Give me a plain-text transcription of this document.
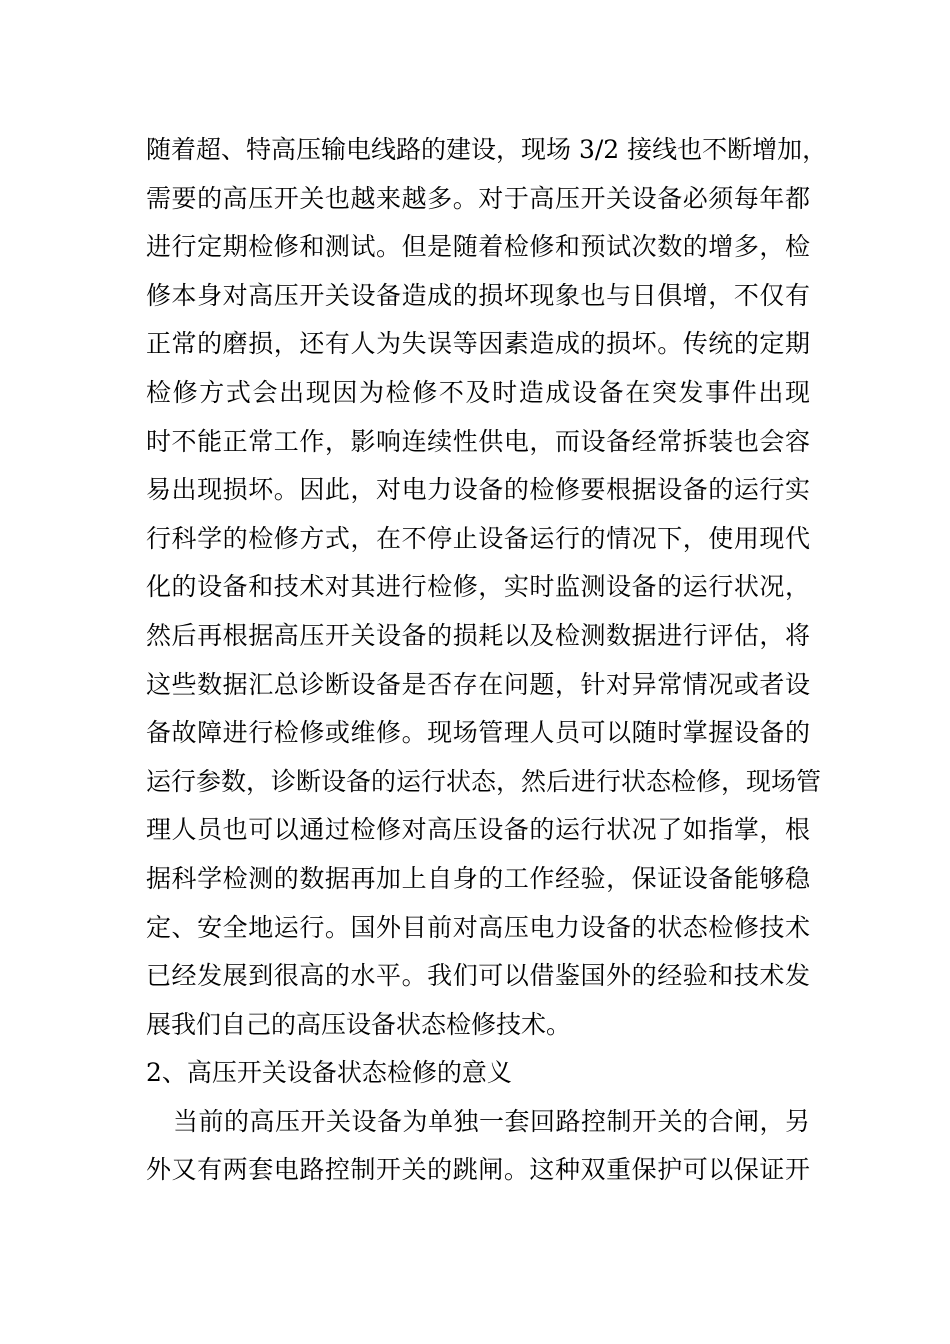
随着超、特高压输电线路的建设，现场 3/2 接线也不断增加，
需要的高压开关也越来越多。对于高压开关设备必须每年都
进行定期检修和测试。但是随着检修和预试次数的增多，检
修本身对高压开关设备造成的损坏现象也与日俱增，不仅有
正常的磨损，还有人为失误等因素造成的损坏。传统的定期
检修方式会出现因为检修不及时造成设备在突发事件出现
时不能正常工作，影响连续性供电，而设备经常拆装也会容
易出现损坏。因此，对电力设备的检修要根据设备的运行实
行科学的检修方式，在不停止设备运行的情况下，使用现代
化的设备和技术对其进行检修，实时监测设备的运行状况，
然后再根据高压开关设备的损耗以及检测数据进行评估，将
这些数据汇总诊断设备是否存在问题，针对异常情况或者设
备故障进行检修或维修。现场管理人员可以随时掌握设备的
运行参数，诊断设备的运行状态，然后进行状态检修，现场管
理人员也可以通过检修对高压设备的运行状况了如指掌，根
据科学检测的数据再加上自身的工作经验，保证设备能够稳
定、安全地运行。国外目前对高压电力设备的状态检修技术
已经发展到很高的水平。我们可以借鉴国外的经验和技术发
展我们自己的高压设备状态检修技术。
2、高压开关设备状态检修的意义
当前的高压开关设备为单独一套回路控制开关的合闸，另
外又有两套电路控制开关的跳闸。这种双重保护可以保证开
